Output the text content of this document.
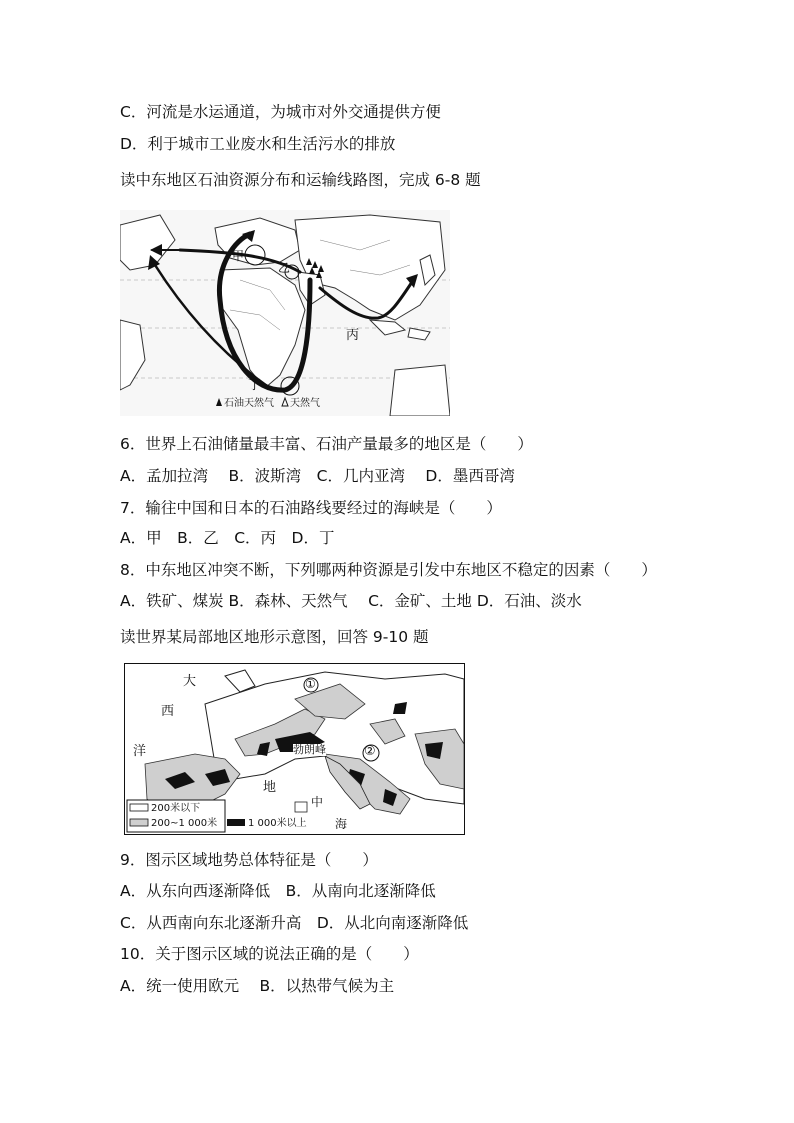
C．河流是水运通道，为城市对外交通提供方便
D．利于城市工业废水和生活污水的排放
读中东地区石油资源分布和运输线路图，完成 6-8 题
甲
乙
丙
丁
石油天然气 天然气
6．世界上石油储量最丰富、石油产量最多的地区是（　　）
A．孟加拉湾　 B．波斯湾　C．几内亚湾　 D．墨西哥湾
7．输往中国和日本的石油路线要经过的海峡是（　　）
A．甲　B．乙　C．丙　D．丁
8．中东地区冲突不断，下列哪两种资源是引发中东地区不稳定的因素（　　）
A．铁矿、煤炭 B．森林、天然气　 C．金矿、土地 D．石油、淡水
读世界某局部地区地形示意图，回答 9-10 题
大
西
洋
地
中
海
勃朗峰
①
②
200米以下
200~1 000米	1 000米以上
9．图示区域地势总体特征是（　　）
A．从东向西逐渐降低　B．从南向北逐渐降低
C．从西南向东北逐渐升高　D．从北向南逐渐降低
10．关于图示区域的说法正确的是（　　）
A．统一使用欧元　 B．以热带气候为主
